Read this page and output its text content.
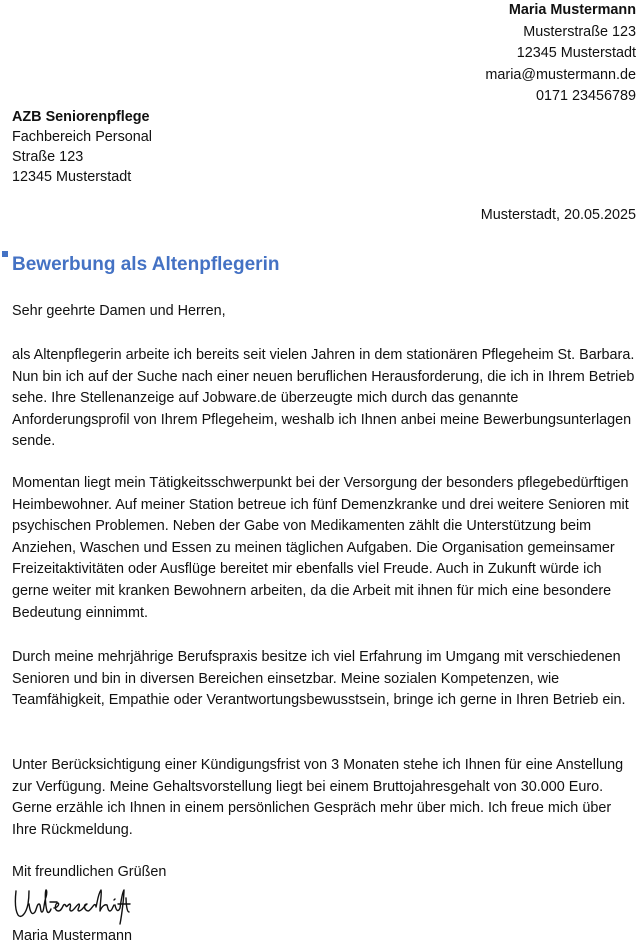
Maria Mustermann
Musterstraße 123
12345 Musterstadt
maria@mustermann.de
0171 23456789
AZB Seniorenpflege
Fachbereich Personal
Straße 123
12345 Musterstadt
Musterstadt, 20.05.2025
Bewerbung als Altenpflegerin

Sehr geehrte Damen und Herren,

als Altenpflegerin arbeite ich bereits seit vielen Jahren in dem stationären Pflegeheim St. Barbara. Nun bin ich auf der Suche nach einer neuen beruflichen Herausforderung, die ich in Ihrem Betrieb sehe. Ihre Stellenanzeige auf Jobware.de überzeugte mich durch das genannte Anforderungsprofil von Ihrem Pflegeheim, weshalb ich Ihnen anbei meine Bewerbungsunterlagen sende.

Momentan liegt mein Tätigkeitsschwerpunkt bei der Versorgung der besonders pflegebedürftigen Heimbewohner. Auf meiner Station betreue ich fünf Demenzkranke und drei weitere Senioren mit psychischen Problemen. Neben der Gabe von Medikamenten zählt die Unterstützung beim Anziehen, Waschen und Essen zu meinen täglichen Aufgaben. Die Organisation gemeinsamer Freizeitaktivitäten oder Ausflüge bereitet mir ebenfalls viel Freude. Auch in Zukunft würde ich gerne weiter mit kranken Bewohnern arbeiten, da die Arbeit mit ihnen für mich eine besondere Bedeutung einnimmt.

Durch meine mehrjährige Berufspraxis besitze ich viel Erfahrung im Umgang mit verschiedenen Senioren und bin in diversen Bereichen einsetzbar. Meine sozialen Kompetenzen, wie Teamfähigkeit, Empathie oder Verantwortungsbewusstsein, bringe ich gerne in Ihren Betrieb ein.

Unter Berücksichtigung einer Kündigungsfrist von 3 Monaten stehe ich Ihnen für eine Anstellung zur Verfügung. Meine Gehaltsvorstellung liegt bei einem Bruttojahresgehalt von 30.000 Euro. Gerne erzähle ich Ihnen in einem persönlichen Gespräch mehr über mich. Ich freue mich über Ihre Rückmeldung.

Mit freundlichen Grüßen

Maria Mustermann
